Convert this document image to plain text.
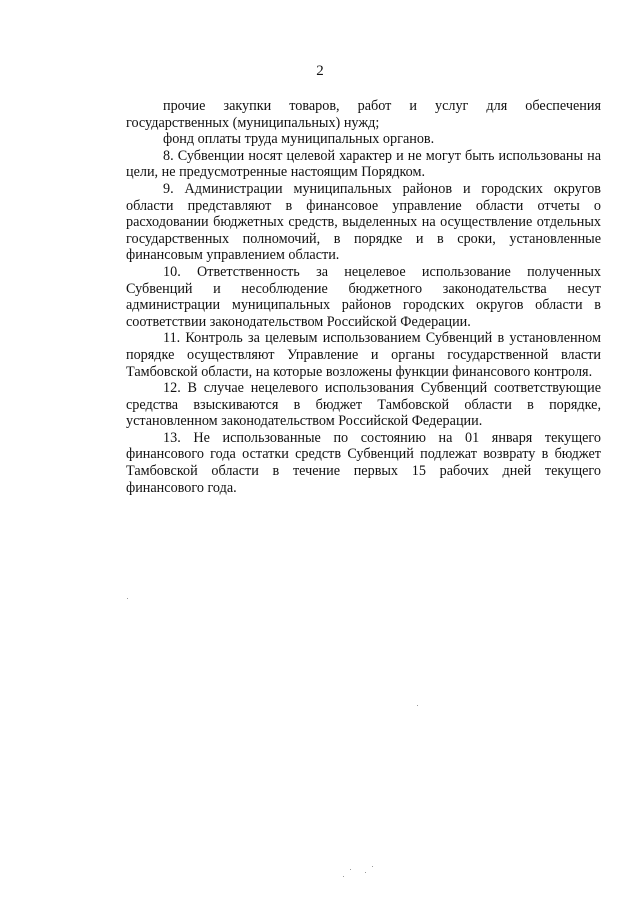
2

прочие закупки товаров, работ и услуг для обеспечения
государственных (муниципальных) нужд;

фонд оплаты труда муниципальных органов.

8. Субвенции носят целевой характер и не могут быть использованы на
цели, не предусмотренные настоящим Порядком.

9. Администрации муниципальных районов и городских округов
области представляют в финансовое управление области отчеты о
расходовании бюджетных средств, выделенных на осуществление отдельных
государственных полномочий, в порядке и в сроки, установленные
финансовым управлением области.

10. Ответственность за нецелевое использование полученных
Субвенций и несоблюдение бюджетного законодательства несут
администрации муниципальных районов городских округов области в
соответствии законодательством Российской Федерации.

11. Контроль за целевым использованием Субвенций в установленном
порядке осуществляют Управление и органы государственной власти
Тамбовской области, на которые возложены функции финансового контроля.

12. В случае нецелевого использования Субвенций соответствующие
средства взыскиваются в бюджет Тамбовской области в порядке,
установленном законодательством Российской Федерации.

13. Не использованные по состоянию на 01 января текущего
финансового года остатки средств Субвенций подлежат возврату в бюджет
Тамбовской области в течение первых 15 рабочих дней текущего
финансового года.
